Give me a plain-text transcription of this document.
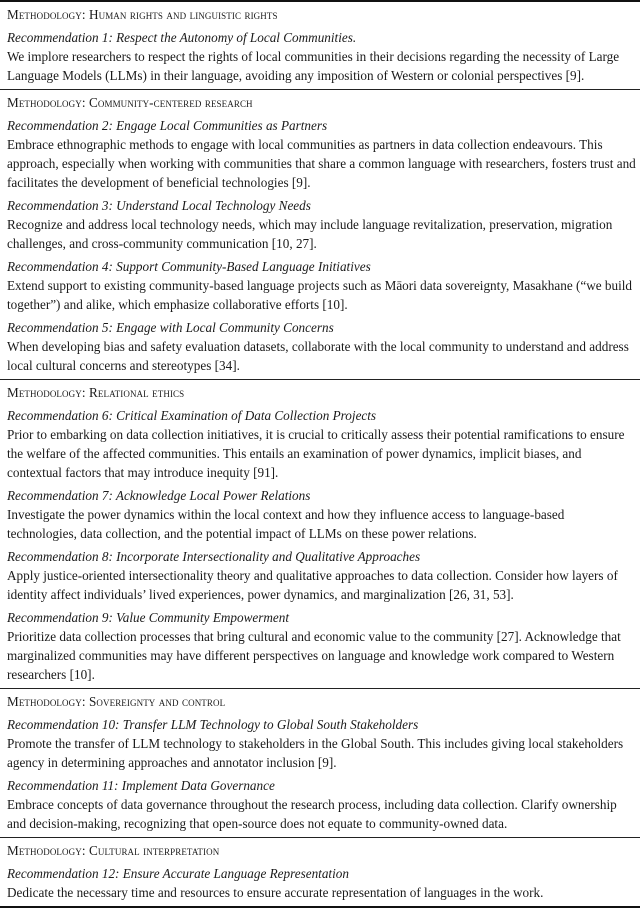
Methodology: Human rights and linguistic rights
Recommendation 1: Respect the Autonomy of Local Communities.
We implore researchers to respect the rights of local communities in their decisions regarding the necessity of Large Language Models (LLMs) in their language, avoiding any imposition of Western or colonial perspectives [9].
Methodology: Community-centered research
Recommendation 2: Engage Local Communities as Partners
Embrace ethnographic methods to engage with local communities as partners in data collection endeavours. This approach, especially when working with communities that share a common language with researchers, fosters trust and facilitates the development of beneficial technologies [9].
Recommendation 3: Understand Local Technology Needs
Recognize and address local technology needs, which may include language revitalization, preservation, migration challenges, and cross-community communication [10, 27].
Recommendation 4: Support Community-Based Language Initiatives
Extend support to existing community-based language projects such as Māori data sovereignty, Masakhane (“we build together”) and alike, which emphasize collaborative efforts [10].
Recommendation 5: Engage with Local Community Concerns
When developing bias and safety evaluation datasets, collaborate with the local community to understand and address local cultural concerns and stereotypes [34].
Methodology: Relational ethics
Recommendation 6: Critical Examination of Data Collection Projects
Prior to embarking on data collection initiatives, it is crucial to critically assess their potential ramifications to ensure the welfare of the affected communities. This entails an examination of power dynamics, implicit biases, and contextual factors that may introduce inequity [91].
Recommendation 7: Acknowledge Local Power Relations
Investigate the power dynamics within the local context and how they influence access to language-based technologies, data collection, and the potential impact of LLMs on these power relations.
Recommendation 8: Incorporate Intersectionality and Qualitative Approaches
Apply justice-oriented intersectionality theory and qualitative approaches to data collection. Consider how layers of identity affect individuals’ lived experiences, power dynamics, and marginalization [26, 31, 53].
Recommendation 9: Value Community Empowerment
Prioritize data collection processes that bring cultural and economic value to the community [27]. Acknowledge that marginalized communities may have different perspectives on language and knowledge work compared to Western researchers [10].
Methodology: Sovereignty and control
Recommendation 10: Transfer LLM Technology to Global South Stakeholders
Promote the transfer of LLM technology to stakeholders in the Global South. This includes giving local stakeholders agency in determining approaches and annotator inclusion [9].
Recommendation 11: Implement Data Governance
Embrace concepts of data governance throughout the research process, including data collection. Clarify ownership and decision-making, recognizing that open-source does not equate to community-owned data.
Methodology: Cultural interpretation
Recommendation 12: Ensure Accurate Language Representation
Dedicate the necessary time and resources to ensure accurate representation of languages in the work.
